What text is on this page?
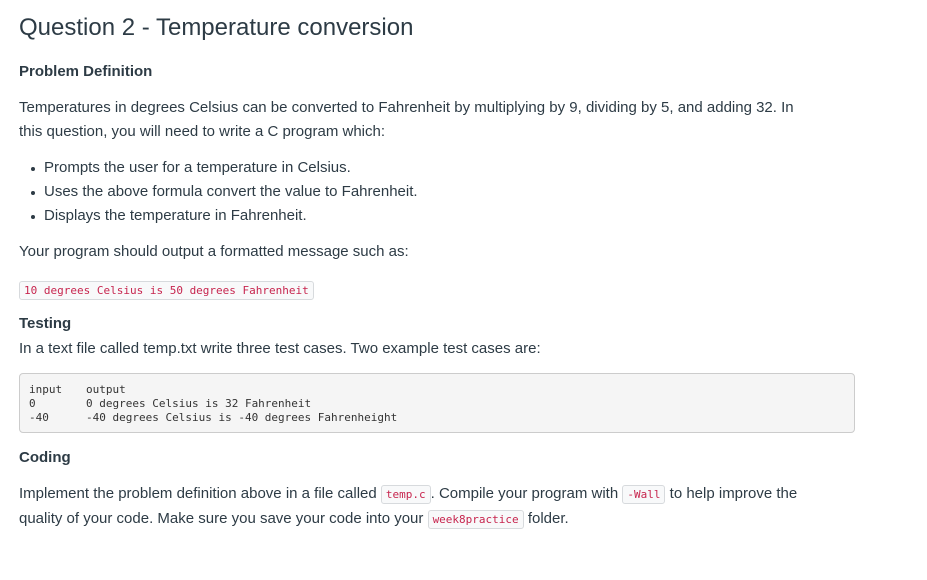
Question 2 - Temperature conversion
Problem Definition

Temperatures in degrees Celsius can be converted to Fahrenheit by multiplying by 9, dividing by 5, and adding 32. In
this question, you will need to write a C program which:

Prompts the user for a temperature in Celsius.
Uses the above formula convert the value to Fahrenheit.
Displays the temperature in Fahrenheit.

Your program should output a formatted message such as:

10 degrees Celsius is 50 degrees Fahrenheit
Testing

In a text file called temp.txt write three test cases. Two example test cases are:

input	output
0	0 degrees Celsius is 32 Fahrenheit
-40	-40 degrees Celsius is -40 degrees Fahrenheight
Coding

Implement the problem definition above in a file called temp.c . Compile your program with -Wall to help improve the
quality of your code. Make sure you save your code into your week8practice folder.
